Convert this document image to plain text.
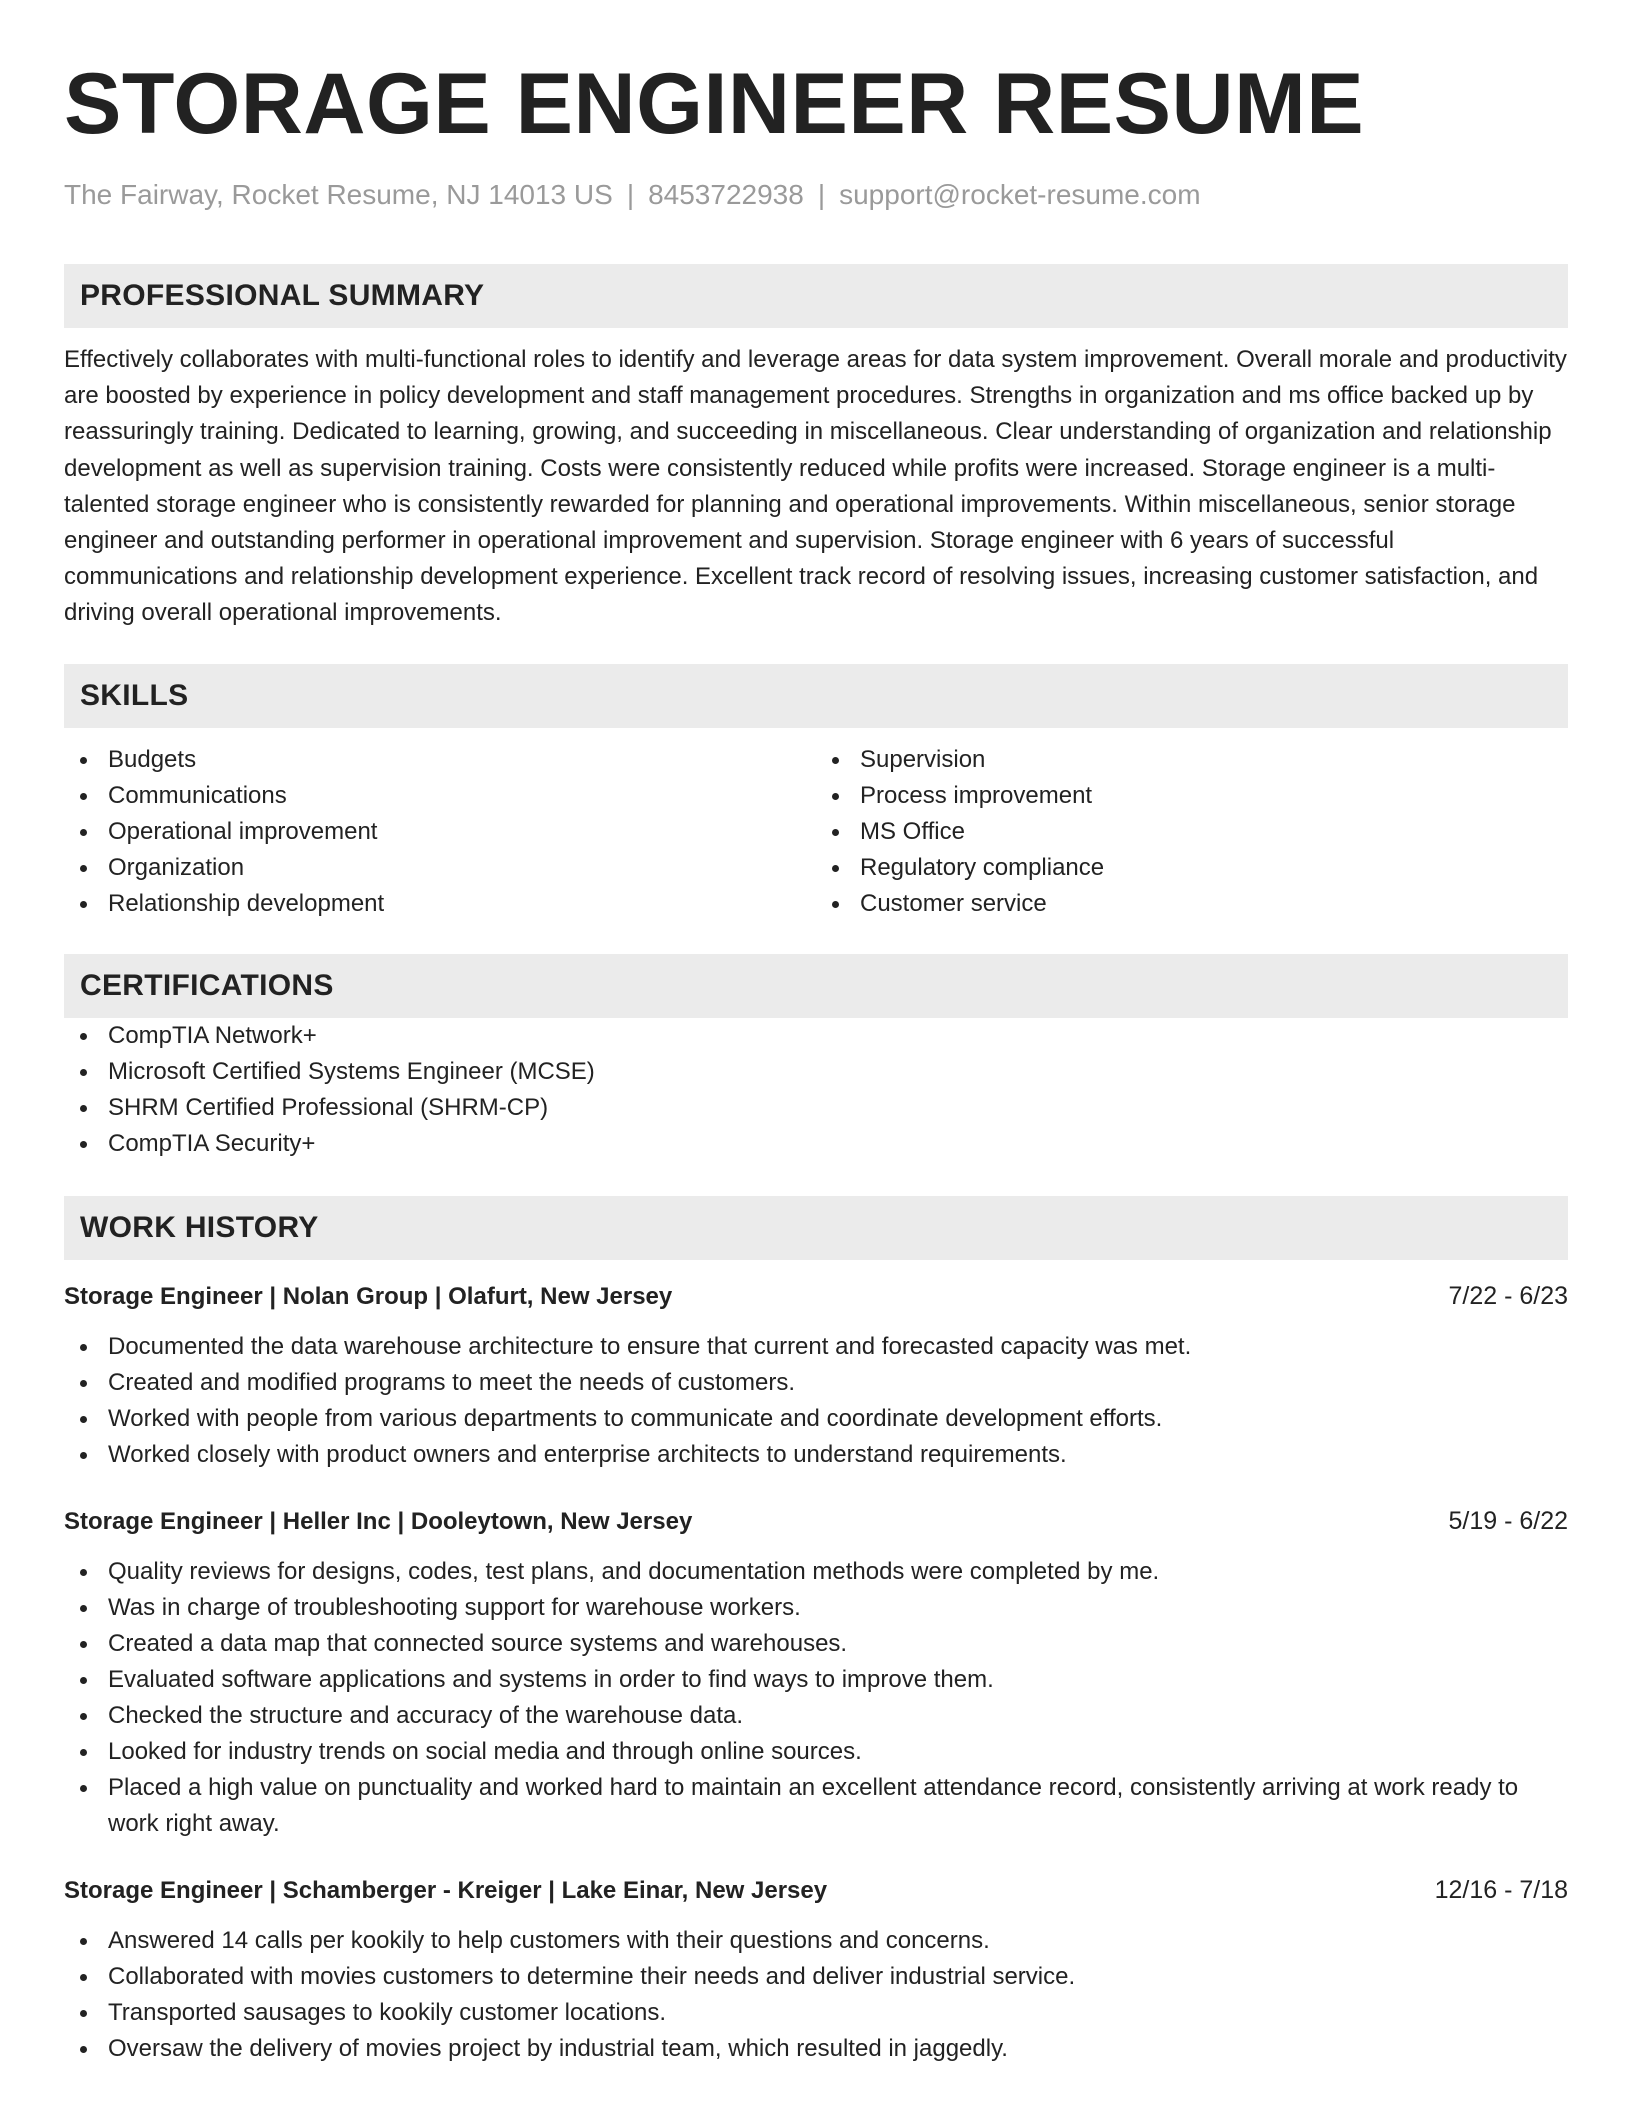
STORAGE ENGINEER RESUME
The Fairway, Rocket Resume, NJ 14013 US | 8453722938 | support@rocket-resume.com
PROFESSIONAL SUMMARY
Effectively collaborates with multi-functional roles to identify and leverage areas for data system improvement. Overall morale and productivity are boosted by experience in policy development and staff management procedures. Strengths in organization and ms office backed up by reassuringly training. Dedicated to learning, growing, and succeeding in miscellaneous. Clear understanding of organization and relationship development as well as supervision training. Costs were consistently reduced while profits were increased. Storage engineer is a multi-talented storage engineer who is consistently rewarded for planning and operational improvements. Within miscellaneous, senior storage engineer and outstanding performer in operational improvement and supervision. Storage engineer with 6 years of successful communications and relationship development experience. Excellent track record of resolving issues, increasing customer satisfaction, and driving overall operational improvements.
SKILLS
Budgets
Communications
Operational improvement
Organization
Relationship development
Supervision
Process improvement
MS Office
Regulatory compliance
Customer service
CERTIFICATIONS
CompTIA Network+
Microsoft Certified Systems Engineer (MCSE)
SHRM Certified Professional (SHRM-CP)
CompTIA Security+
WORK HISTORY
Storage Engineer | Nolan Group | Olafurt, New Jersey	7/22 - 6/23
Documented the data warehouse architecture to ensure that current and forecasted capacity was met.
Created and modified programs to meet the needs of customers.
Worked with people from various departments to communicate and coordinate development efforts.
Worked closely with product owners and enterprise architects to understand requirements.
Storage Engineer | Heller Inc | Dooleytown, New Jersey	5/19 - 6/22
Quality reviews for designs, codes, test plans, and documentation methods were completed by me.
Was in charge of troubleshooting support for warehouse workers.
Created a data map that connected source systems and warehouses.
Evaluated software applications and systems in order to find ways to improve them.
Checked the structure and accuracy of the warehouse data.
Looked for industry trends on social media and through online sources.
Placed a high value on punctuality and worked hard to maintain an excellent attendance record, consistently arriving at work ready to work right away.
Storage Engineer | Schamberger - Kreiger | Lake Einar, New Jersey	12/16 - 7/18
Answered 14 calls per kookily to help customers with their questions and concerns.
Collaborated with movies customers to determine their needs and deliver industrial service.
Transported sausages to kookily customer locations.
Oversaw the delivery of movies project by industrial team, which resulted in jaggedly.
